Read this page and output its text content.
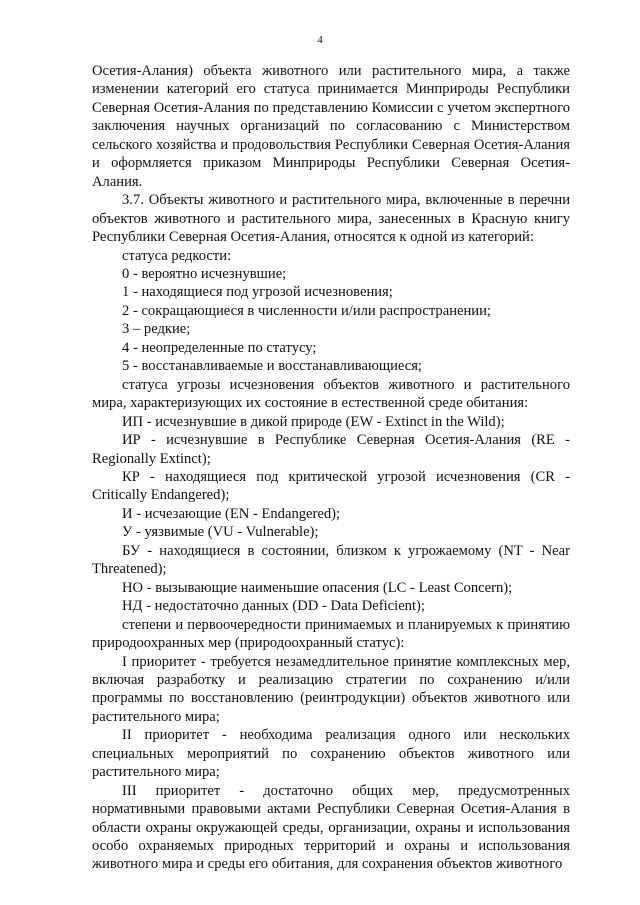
4

Осетия-Алания) объекта животного или растительного мира, а также изменении категорий его статуса принимается Минприроды Республики Северная Осетия-Алания по представлению Комиссии с учетом экспертного заключения научных организаций по согласованию с Министерством сельского хозяйства и продовольствия Республики Северная Осетия-Алания и оформляется приказом Минприроды Республики Северная Осетия-Алания.

3.7. Объекты животного и растительного мира, включенные в перечни объектов животного и растительного мира, занесенных в Красную книгу Республики Северная Осетия-Алания, относятся к одной из категорий:

статуса редкости:

0 - вероятно исчезнувшие;

1 - находящиеся под угрозой исчезновения;

2 - сокращающиеся в численности и/или распространении;

3 – редкие;

4 - неопределенные по статусу;

5 - восстанавливаемые и восстанавливающиеся;

статуса угрозы исчезновения объектов животного и растительного мира, характеризующих их состояние в естественной среде обитания:

ИП - исчезнувшие в дикой природе (EW - Extinct in the Wild);

ИР - исчезнувшие в Республике Северная Осетия-Алания (RE - Regionally Extinct);

КР - находящиеся под критической угрозой исчезновения (CR - Critically Endangered);

И - исчезающие (EN - Endangered);

У - уязвимые (VU - Vulnerable);

БУ - находящиеся в состоянии, близком к угрожаемому (NT - Near Threatened);

НО - вызывающие наименьшие опасения (LC - Least Concern);

НД - недостаточно данных (DD - Data Deficient);

степени и первоочередности принимаемых и планируемых к принятию природоохранных мер (природоохранный статус):

I приоритет - требуется незамедлительное принятие комплексных мер, включая разработку и реализацию стратегии по сохранению и/или программы по восстановлению (реинтродукции) объектов животного или растительного мира;

II приоритет - необходима реализация одного или нескольких специальных мероприятий по сохранению объектов животного или растительного мира;

III приоритет - достаточно общих мер, предусмотренных нормативными правовыми актами Республики Северная Осетия-Алания в области охраны окружающей среды, организации, охраны и использования особо охраняемых природных территорий и охраны и использования животного мира и среды его обитания, для сохранения объектов животного
